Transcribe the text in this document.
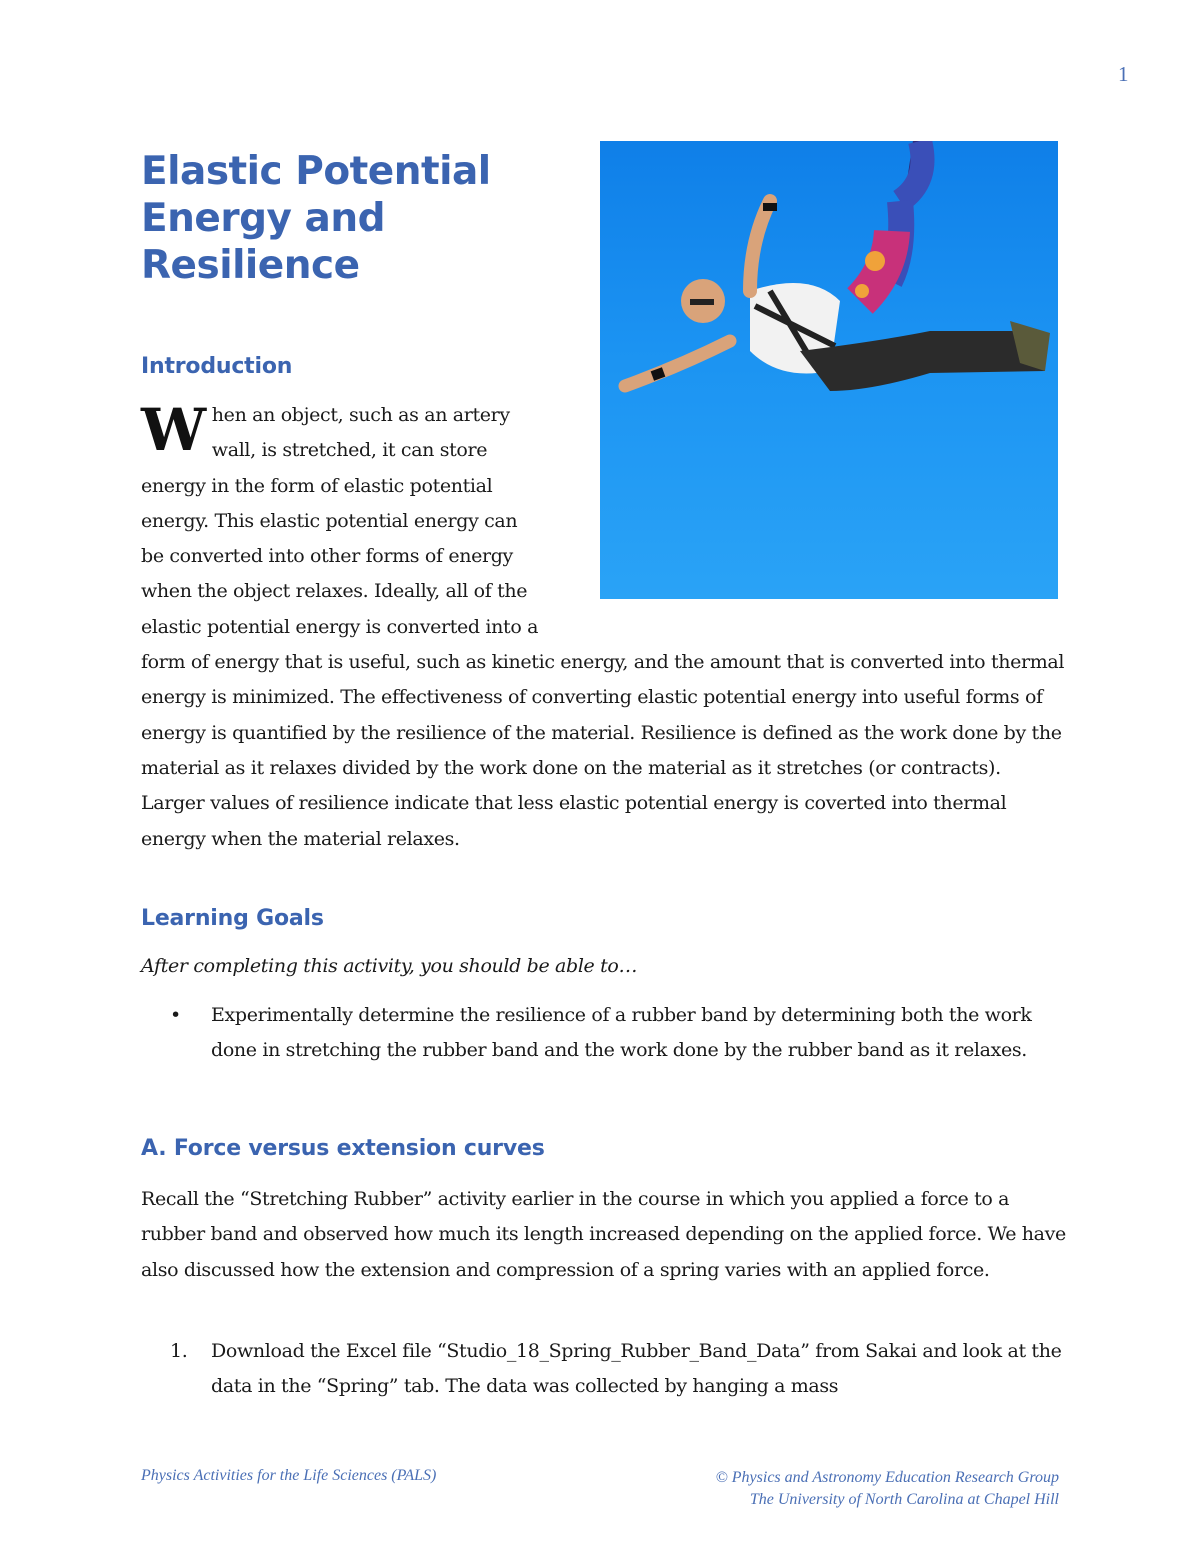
1
Elastic Potential Energy and Resilience
Introduction

When an object, such as an artery wall, is stretched, it can store energy in the form of elastic potential energy. This elastic potential energy can be converted into other forms of energy when the object relaxes. Ideally, all of the elastic potential energy is converted into a form of energy that is useful, such as kinetic energy, and the amount that is converted into thermal energy is minimized. The effectiveness of converting elastic potential energy into useful forms of energy is quantified by the resilience of the material. Resilience is defined as the work done by the material as it relaxes divided by the work done on the material as it stretches (or contracts). Larger values of resilience indicate that less elastic potential energy is coverted into thermal energy when the material relaxes.

Learning Goals

After completing this activity, you should be able to…

• Experimentally determine the resilience of a rubber band by determining both the work done in stretching the rubber band and the work done by the rubber band as it relaxes.
A. Force versus extension curves

Recall the “Stretching Rubber” activity earlier in the course in which you applied a force to a rubber band and observed how much its length increased depending on the applied force. We have also discussed how the extension and compression of a spring varies with an applied force.

1. Download the Excel file “Studio_18_Spring_Rubber_Band_Data” from Sakai and look at the data in the “Spring” tab. The data was collected by hanging a mass
Physics Activities for the Life Sciences (PALS)	© Physics and Astronomy Education Research Group
The University of North Carolina at Chapel Hill
